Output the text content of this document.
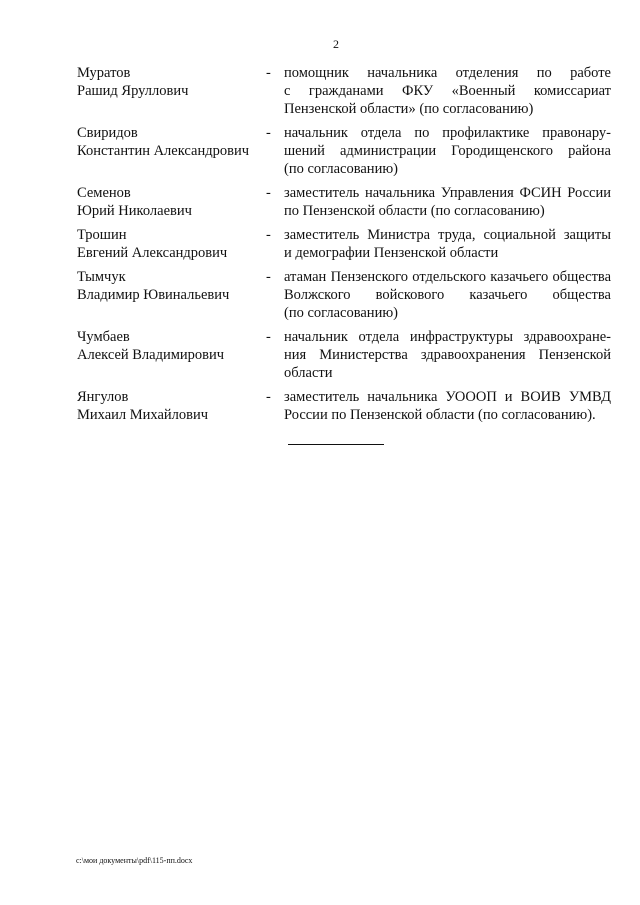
2
Муратов
Рашид Яруллович
- помощник начальника отделения по работе
с гражданами ФКУ «Военный комиссариат
Пензенской области» (по согласованию)
Свиридов
Константин Александрович
- начальник отдела по профилактике правонару-
шений администрации Городищенского района
(по согласованию)
Семенов
Юрий Николаевич
- заместитель начальника Управления ФСИН России
по Пензенской области (по согласованию)
Трошин
Евгений Александрович
- заместитель Министра труда, социальной защиты
и демографии Пензенской области
Тымчук
Владимир Ювинальевич
- атаман Пензенского отдельского казачьего общества
Волжского войскового казачьего общества
(по согласованию)
Чумбаев
Алексей Владимирович
- начальник отдела инфраструктуры здравоохране-
ния Министерства здравоохранения Пензенской
области
Янгулов
Михаил Михайлович
- заместитель начальника УОООП и ВОИВ УМВД
России по Пензенской области (по согласованию).
c:\мои документы\pdf\115-пп.docx
